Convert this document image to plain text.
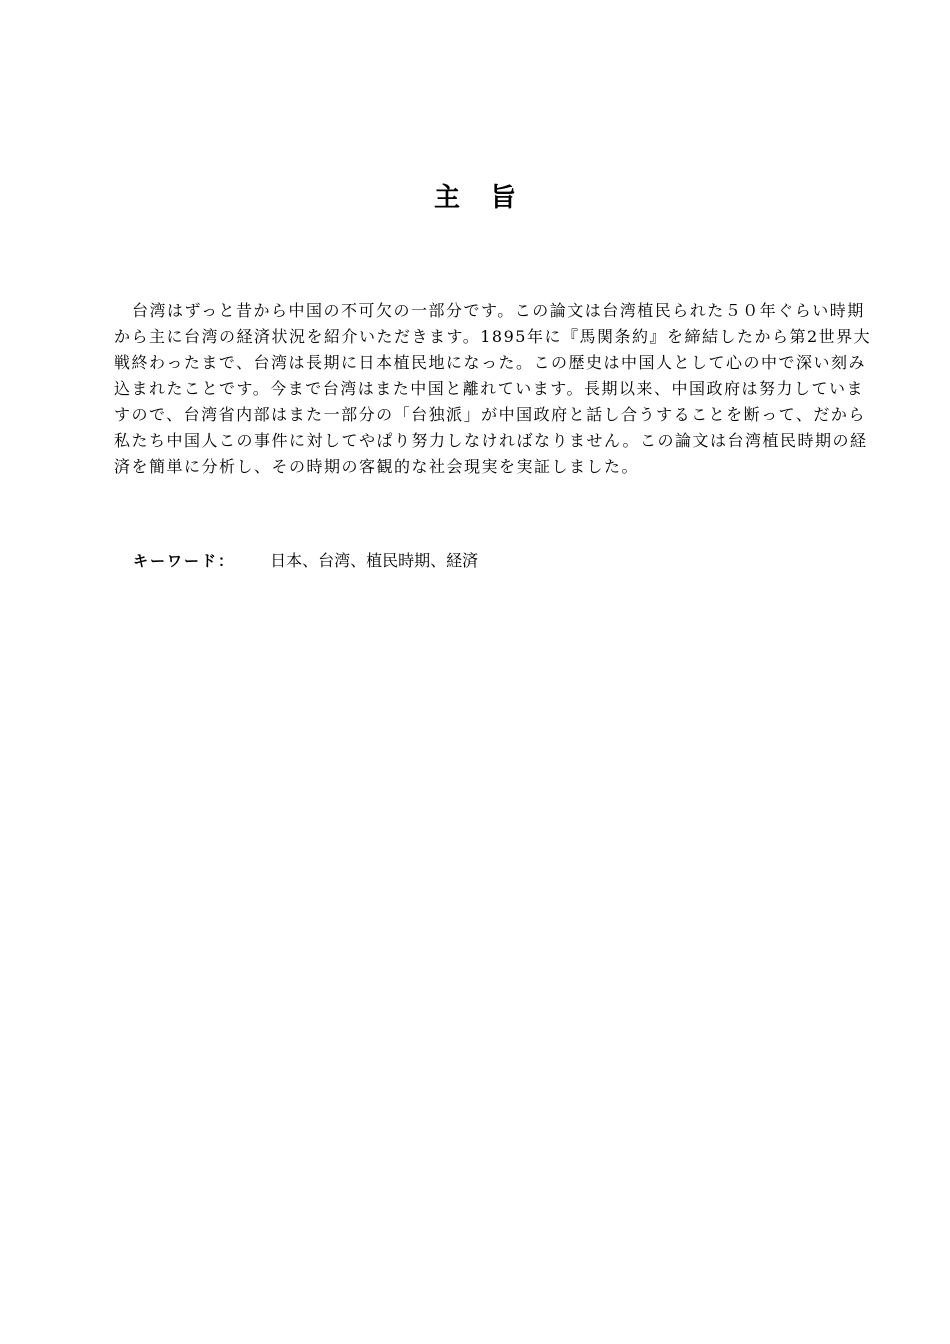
主旨

台湾はずっと昔から中国の不可欠の一部分です。この論文は台湾植民られた５０年ぐらい時期から主に台湾の経済状況を紹介いただきます。1895年に『馬関条約』を締結したから第2世界大戦終わったまで、台湾は長期に日本植民地になった。この歴史は中国人として心の中で深い刻み込まれたことです。今まで台湾はまた中国と離れています。長期以来、中国政府は努力していますので、台湾省内部はまた一部分の「台独派」が中国政府と話し合うすることを断って、だから私たち中国人この事件に対してやぱり努力しなければなりません。この論文は台湾植民時期の経済を簡単に分析し、その時期の客観的な社会現実を実証しました。

キーワード： 日本、台湾、植民時期、経済
